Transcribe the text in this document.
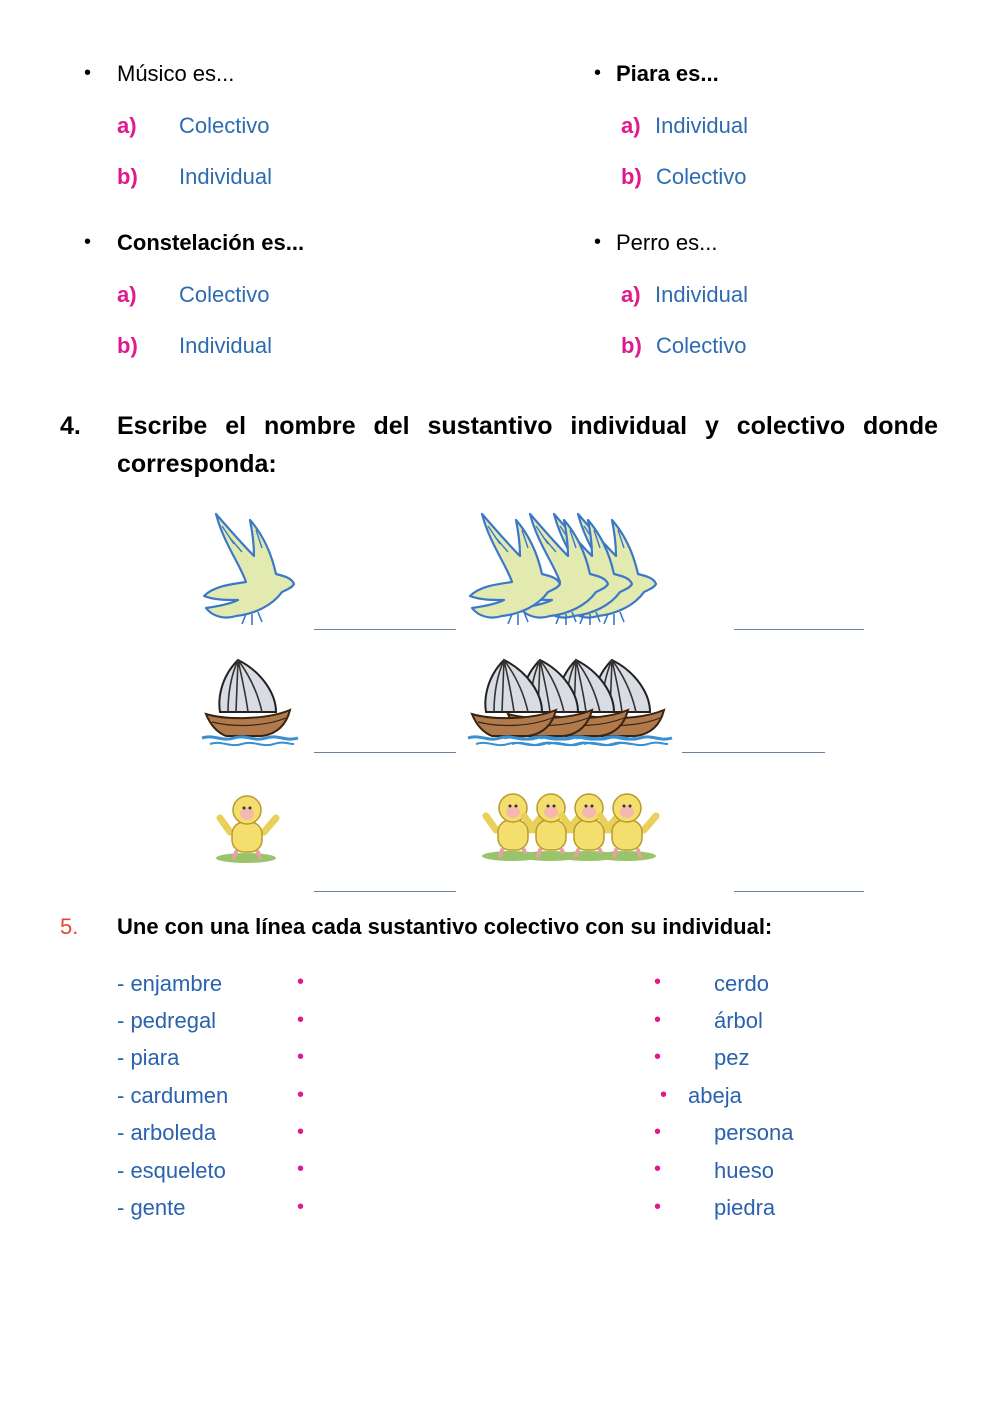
• Músico es...
a) Colectivo
b) Individual
• Piara es...
a) Individual
b) Colectivo
• Constelación es...
a) Colectivo
b) Individual
• Perro es...
a) Individual
b) Colectivo
4. Escribe el nombre del sustantivo individual y colectivo donde
corresponda:
5. Une con una línea cada sustantivo colectivo con su individual:
- enjambre
- pedregal
- piara
- cardumen
- arboleda
- esqueleto
- gente
•
•
•
•
•
•
•
•
•
•
•
•
•
•
cerdo
árbol
pez
abeja
persona
hueso
piedra
